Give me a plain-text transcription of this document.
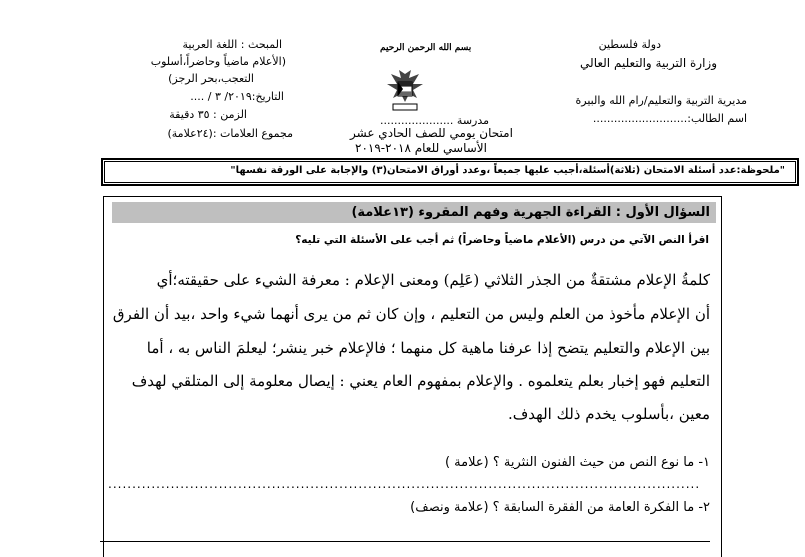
دولة فلسطين
وزارة التربية والتعليم العالي
مديرية التربية والتعليم/رام الله والبيرة
اسم الطالب:...........................
بسم الله الرحمن الرحيم
مدرسة .....................
امتحان يومي للصف الحادي عشر
الأساسي للعام ٢٠١٨-٢٠١٩
المبحث : اللغة العربية
(الأعلام ماضياً وحاضراً،أسلوب
التعجب،بحر الرجز)
التاريخ:٢٠١٩/ ٣ / ....
الزمن : ٣٥ دقيقة
مجموع العلامات :(٢٤علامة)
"ملحوظة:عدد أسئلة الامتحان (ثلاثة)أسئلة،أجيب عليها جميعاً ،وعدد أوراق الامتحان(٣) والإجابة على الورقة نفسها"
السؤال الأول : القراءة الجهرية وفهم المقروء (١٣علامة)
اقرأ النص الآتي من درس (الأعلام ماضياً وحاضراً) ثم أجب على الأسئلة التي تليه؟
كلمةُ الإعلام مشتقةٌ من الجذر الثلاثي (عَلِم) ومعنى الإعلام : معرفة الشيء على حقيقته؛أي
أن الإعلام مأخوذ من العلم وليس من التعليم ، وإن كان ثم من يرى أنهما شيء واحد ،بيد أن الفرق
بين الإعلام والتعليم يتضح إذا عرفنا ماهية كل منهما ؛ فالإعلام خبر ينشر؛ ليعلمَ الناس به ، أما
التعليم فهو إخبار بعلم يتعلموه . والإعلام بمفهوم العام يعني : إيصال معلومة إلى المتلقي لهدف
معين ،بأسلوب يخدم ذلك الهدف.
١- ما نوع النص من حيث الفنون النثرية ؟ (علامة )
...........................................................................................................................
٢- ما الفكرة العامة من الفقرة السابقة ؟ (علامة ونصف)
